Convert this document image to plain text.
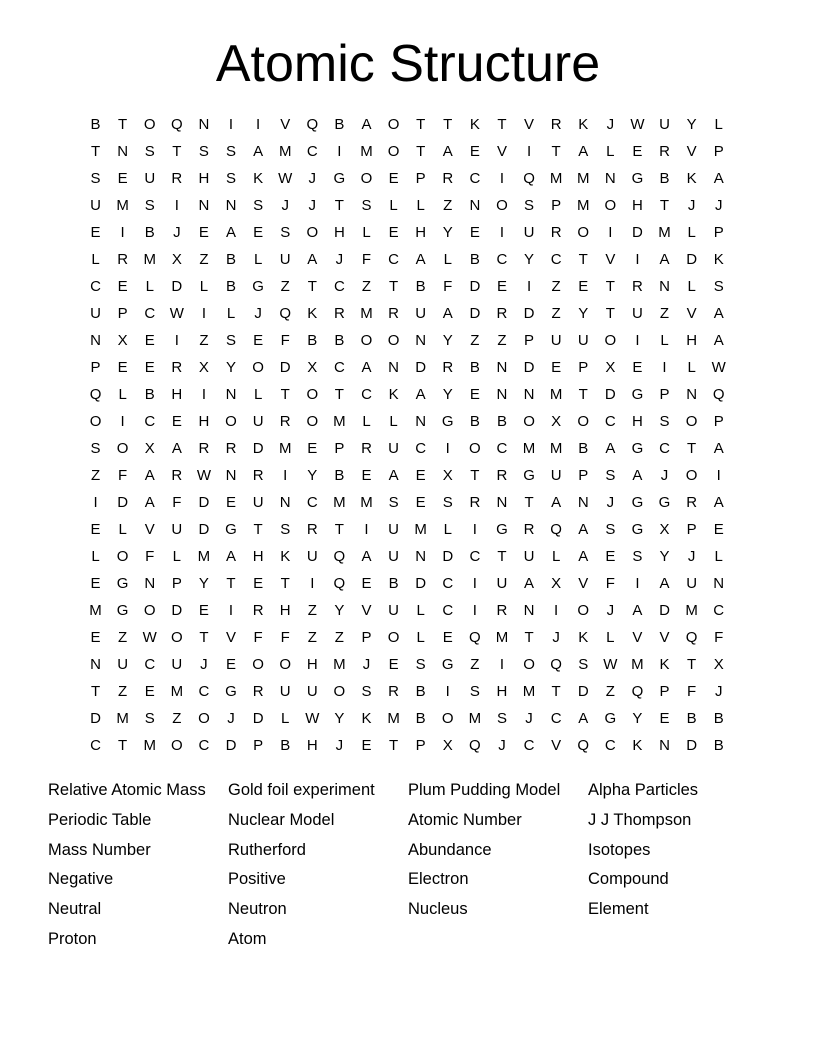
Atomic Structure
B	T	O	Q	N	I	I	V	Q	B	A	O	T	T	K	T	V	R	K	J	W U	Y	L
T	N	S	T	S	S	A	M	C	I	M	O	T	A	E	V	I	T	A	L	E	R	V	P
S	E	U	R	H	S	K	W	J	G	O	E	P	R	C	I	Q	M M	N	G	B	K	A
U	M	S	I	N	N	S	J	J	T	S	L	L	Z	N	O	S	P	M	O	H	T	J	J
E	I	B	J	E	A	E	S	O	H	L	E	H	Y	E	I	U	R	O	I	D	M	L	P
L	R	M	X	Z	B	L	U	A	J	F	C	A	L	B	C	Y	C	T	V	I	A	D	K
C	E	L	D	L	B	G	Z	T	C	Z	T	B	F	D	E	I	Z	E	T	R	N	L	S
U	P	C W	I	L	J	Q	K	R	M	R	U	A	D	R	D	Z	Y	T	U	Z	V	A
N	X	E	I	Z	S	E	F	B	B	O	O	N	Y	Z	Z	P	U	U	O	I	L	H	A
P	E	E	R	X	Y	O	D	X	C	A	N	D	R	B	N	D	E	P	X	E	I	L	W
Q	L	B	H	I	N	L	T	O	T	C	K	A	Y	E	N	N	M	T	D	G	P	N	Q
O	I	C	E	H	O	U	R	O	M	L	L	N	G	B	B	O	X	O	C	H	S	O	P
S	O	X	A	R	R	D	M	E	P	R	U	C	I	O	C	M M	B	A	G	C	T	A
Z	F	A	R W N	R	I	Y	B	E	A	E	X	T	R	G	U	P	S	A	J	O	I
I	D	A	F	D	E	U	N	C	M M	S	E	S	R	N	T	A	N	J	G	G	R	A
E	L	V	U	D	G	T	S	R	T	I	U	M	L	I	G	R	Q	A	S	G	X	P	E
L	O	F	L	M	A	H	K	U	Q	A	U	N	D	C	T	U	L	A	E	S	Y	J	L
E	G	N	P	Y	T	E	T	I	Q	E	B	D	C	I	U	A	X	V	F	I	A	U	N
M	G	O	D	E	I	R	H	Z	Y	V	U	L	C	I	R	N	I	O	J	A	D	M	C
E	Z	W O	T	V	F	F	Z	Z	P	O	L	E	Q	M	T	J	K	L	V	V	Q	F
N	U	C	U	J	E	O	O	H	M	J	E	S	G	Z	I	O	Q	S	W M	K	T	X
T	Z	E	M	C	G	R	U	U	O	S	R	B	I	S	H	M	T	D	Z	Q	P	F	J
D	M	S	Z	O	J	D	L	W	Y	K	M	B	O	M	S	J	C	A	G	Y	E	B	B
C	T	M	O	C	D	P	B	H	J	E	T	P	X	Q	J	C	V	Q	C	K	N	D	B
Relative Atomic Mass	Gold foil experiment	Plum Pudding Model	Alpha Particles
Periodic Table	Nuclear Model	Atomic Number	J J Thompson
Mass Number	Rutherford	Abundance	Isotopes
Negative	Positive	Electron	Compound
Neutral	Neutron	Nucleus	Element
Proton	Atom
